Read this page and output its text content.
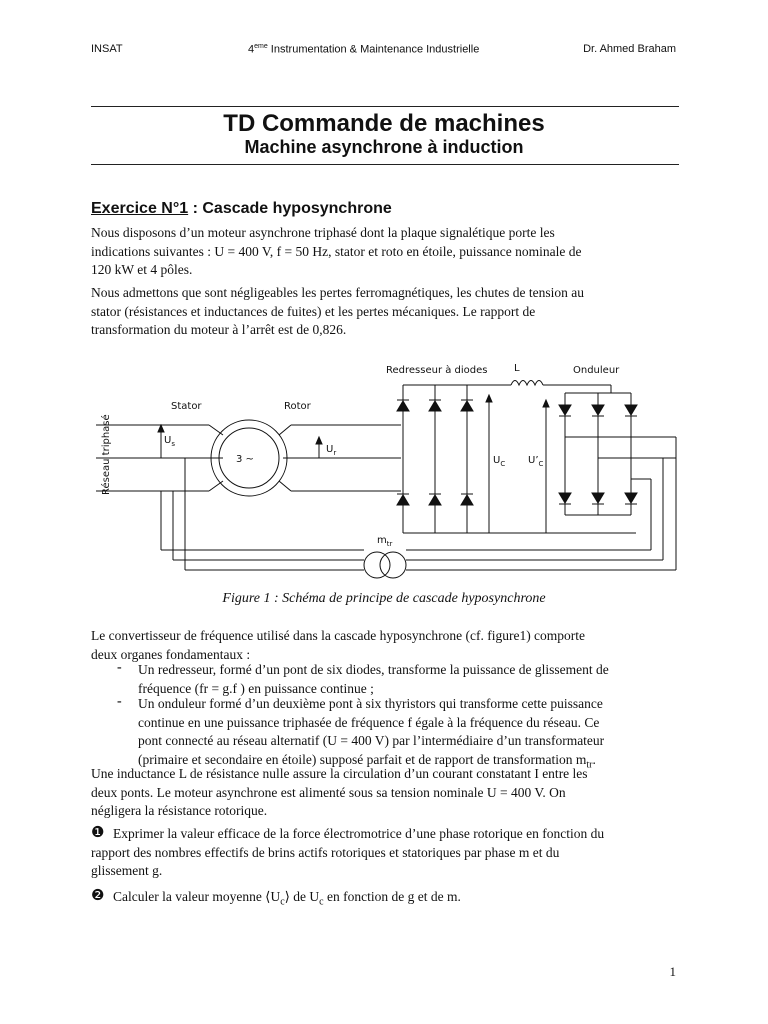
INSAT	4eme Instrumentation & Maintenance Industrielle	Dr. Ahmed Braham
TD Commande de machines
Machine asynchrone à induction
Exercice N°1 : Cascade hyposynchrone

Nous disposons d’un moteur asynchrone triphasé dont la plaque signalétique porte les
indications suivantes : U = 400 V, f = 50 Hz, stator et roto en étoile, puissance nominale de
120 kW et 4 pôles.

Nous admettons que sont négligeables les pertes ferromagnétiques, les chutes de tension au
stator (résistances et inductances de fuites) et les pertes mécaniques. Le rapport de
transformation du moteur à l’arrêt est de 0,826.

Redresseur à diodes	L	Onduleur
Stator	Rotor
Réseau triphasé	$U_s$
3 ~
$U_r$
$U_C$ $U’_C$
$m_{tr}$
Figure 1 : Schéma de principe de cascade hyposynchrone

Le convertisseur de fréquence utilisé dans la cascade hyposynchrone (cf. figure1) comporte
deux organes fondamentaux :

- Un redresseur, formé d’un pont de six diodes, transforme la puissance de glissement de
fréquence (fr = g.f ) en puissance continue ;

- Un onduleur formé d’un deuxième pont à six thyristors qui transforme cette puissance
continue en une puissance triphasée de fréquence f égale à la fréquence du réseau. Ce
pont connecté au réseau alternatif (U = 400 V) par l’intermédiaire d’un transformateur
(primaire et secondaire en étoile) supposé parfait et de rapport de transformation $m_{tr}$.

Une inductance L de résistance nulle assure la circulation d’un courant constatant I entre les
deux ponts. Le moteur asynchrone est alimenté sous sa tension nominale U = 400 V. On
négligera la résistance rotorique.

❶ Exprimer la valeur efficace de la force électromotrice d’une phase rotorique en fonction du
rapport des nombres effectifs de brins actifs rotoriques et statoriques par phase m et du
glissement g.

❷ Calculer la valeur moyenne $⟨U_c⟩$ de $U_c$ en fonction de g et de m.

1
